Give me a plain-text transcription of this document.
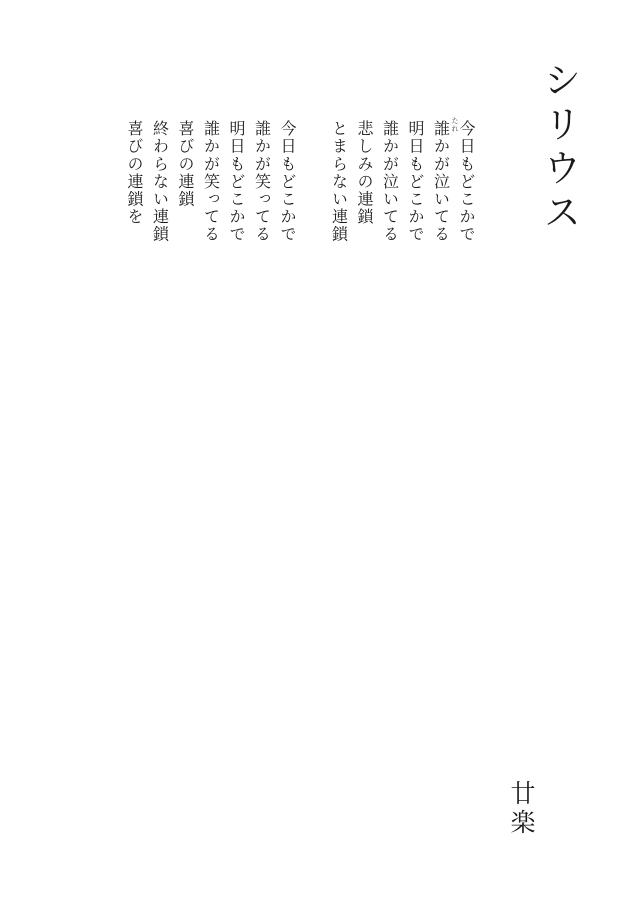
シリウス
たれ
今日もどこかで
誰かが泣いてる
明日もどこかで
誰かが泣いてる
悲しみの連鎖
とまらない連鎖
今日もどこかで
誰かが笑ってる
明日もどこかで
誰かが笑ってる
喜びの連鎖
終わらない連鎖
喜びの連鎖を
廿楽
